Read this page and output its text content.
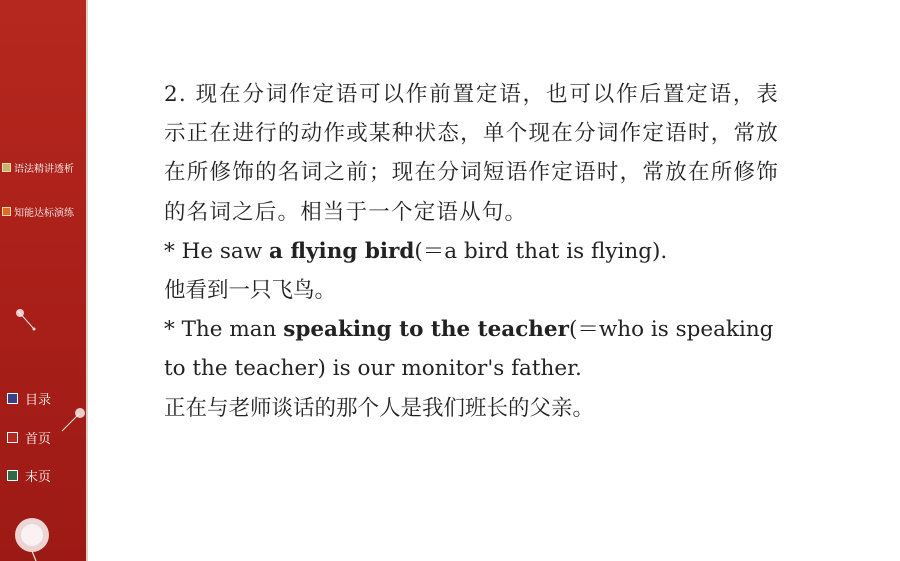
语法精讲透析
知能达标演练
目录
首页
末页

2. 现在分词作定语可以作前置定语，也可以作后置定语，表示正在进行的动作或某种状态，单个现在分词作定语时，常放在所修饰的名词之前；现在分词短语作定语时，常放在所修饰的名词之后。相当于一个定语从句。

* He saw a flying bird(＝a bird that is flying).
他看到一只飞鸟。
* The man speaking to the teacher(＝who is speaking to the teacher) is our monitor's father.
正在与老师谈话的那个人是我们班长的父亲。
